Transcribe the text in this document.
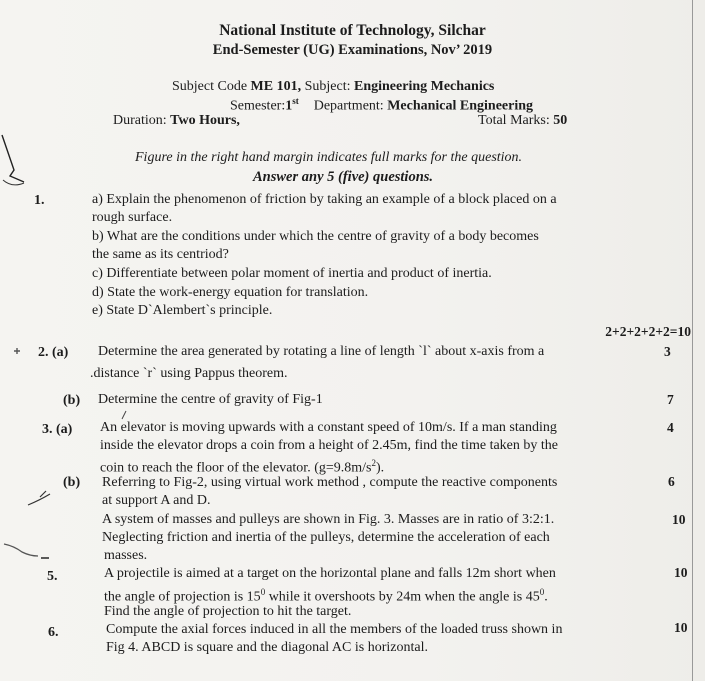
National Institute of Technology, Silchar
End-Semester (UG) Examinations, Nov’ 2019
Subject Code ME 101, Subject: Engineering Mechanics
Semester:1st Department: Mechanical Engineering
Duration: Two Hours,	Total Marks: 50
Figure in the right hand margin indicates full marks for the question.
Answer any 5 (five) questions.
1.	a) Explain the phenomenon of friction by taking an example of a block placed on a
rough surface.
b) What are the conditions under which the centre of gravity of a body becomes
the same as its centriod?
c) Differentiate between polar moment of inertia and product of inertia.
d) State the work-energy equation for translation.
e) State D`Alembert`s principle.
2+2+2+2+2=10
2. (a) Determine the area generated by rotating a line of length `l` about x-axis from a	3
.distance `r` using Pappus theorem.
(b) Determine the centre of gravity of Fig-1	7
3. (a) An elevator is moving upwards with a constant speed of 10m/s. If a man standing	4
inside the elevator drops a coin from a height of 2.45m, find the time taken by the
coin to reach the floor of the elevator. $(g=9.8m/s^2)$.
(b) Referring to Fig-2, using virtual work method , compute the reactive components	6
at support A and D.
A system of masses and pulleys are shown in Fig. 3. Masses are in ratio of 3:2:1.	10
Neglecting friction and inertia of the pulleys, determine the acceleration of each
masses.
5.	A projectile is aimed at a target on the horizontal plane and falls 12m short when	10
the angle of projection is $15^0$ while it overshoots by 24m when the angle is $45^0$.
Find the angle of projection to hit the target.
6.	Compute the axial forces induced in all the members of the loaded truss shown in	10
Fig 4. ABCD is square and the diagonal AC is horizontal.
